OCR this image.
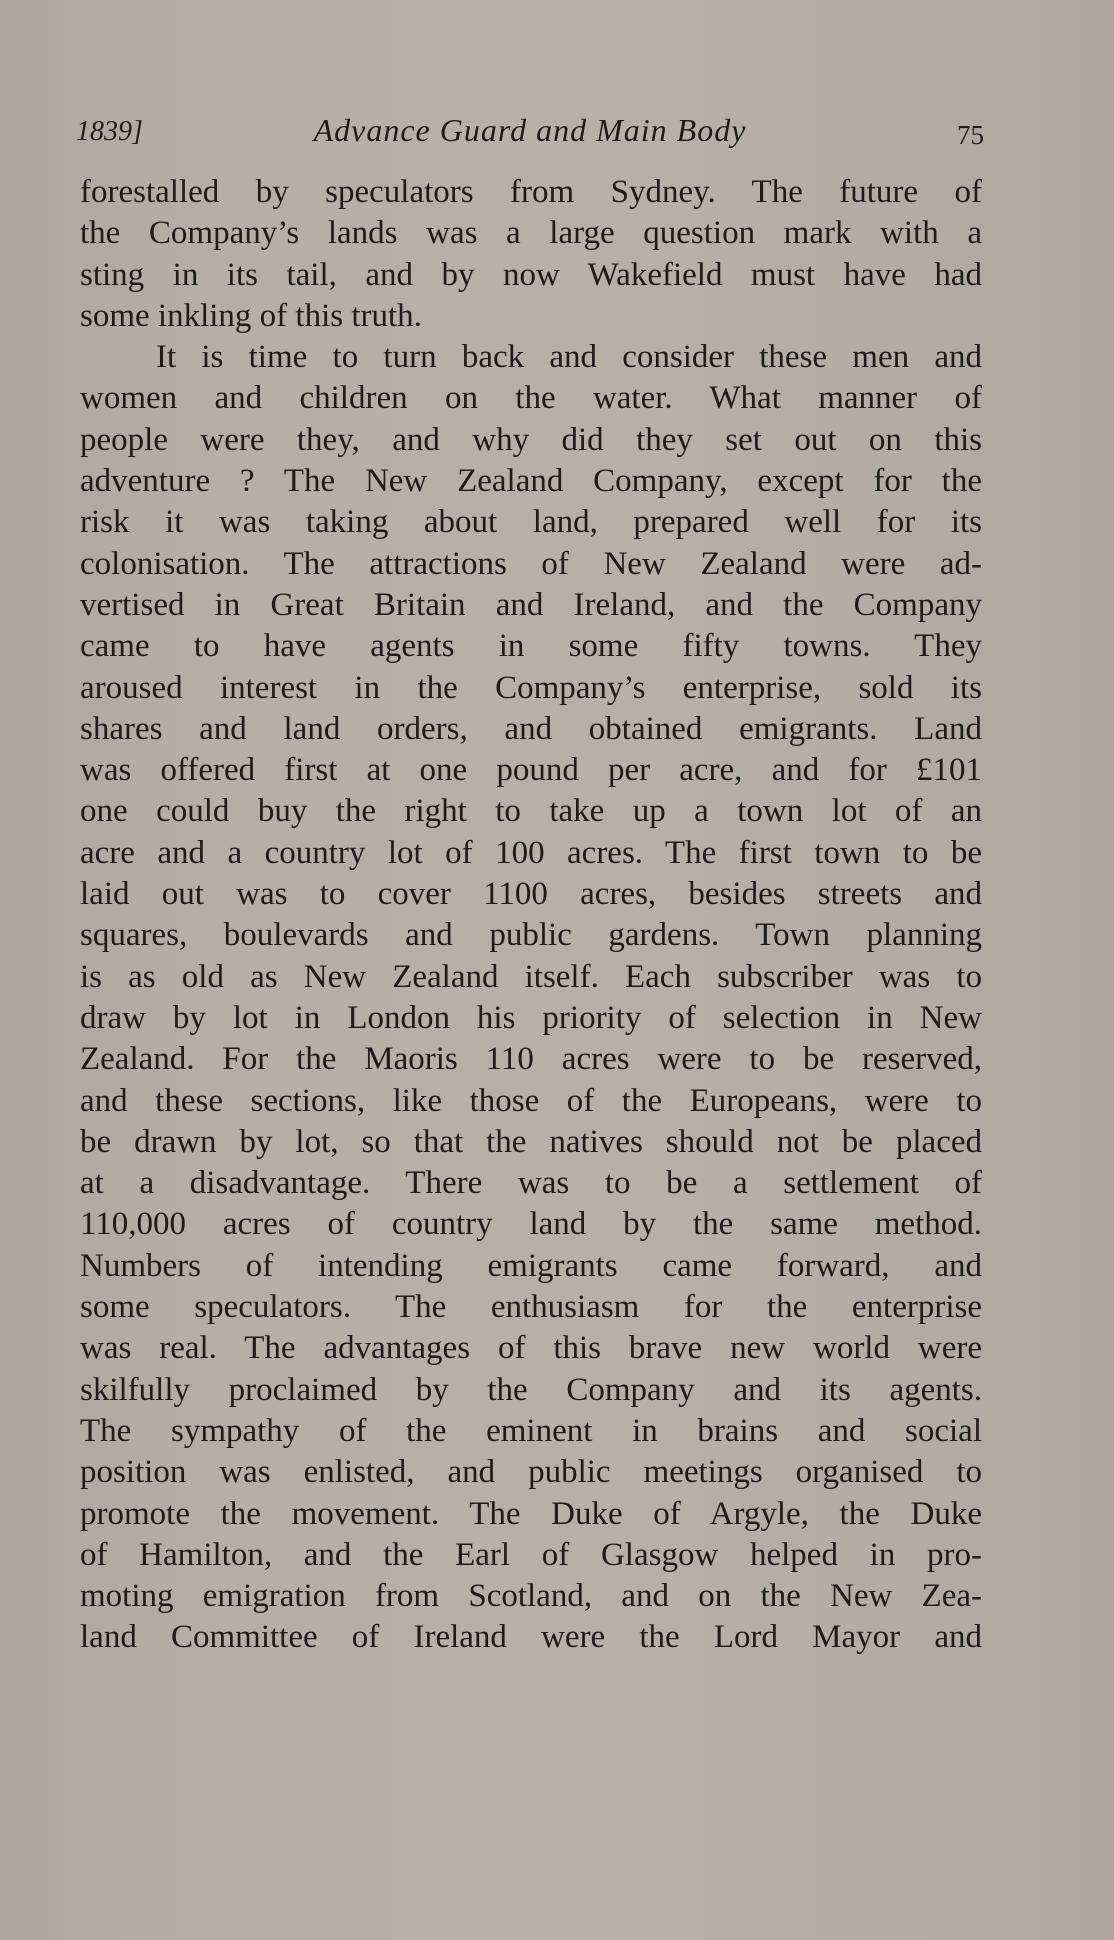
1839]	Advance Guard and Main Body	75
forestalled by speculators from Sydney. The future of
the Company’s lands was a large question mark with a
sting in its tail, and by now Wakefield must have had
some inkling of this truth.
It is time to turn back and consider these men and
women and children on the water. What manner of
people were they, and why did they set out on this
adventure ? The New Zealand Company, except for the
risk it was taking about land, prepared well for its
colonisation. The attractions of New Zealand were ad-
vertised in Great Britain and Ireland, and the Company
came to have agents in some fifty towns. They
aroused interest in the Company’s enterprise, sold its
shares and land orders, and obtained emigrants. Land
was offered first at one pound per acre, and for £101
one could buy the right to take up a town lot of an
acre and a country lot of 100 acres. The first town to be
laid out was to cover 1100 acres, besides streets and
squares, boulevards and public gardens. Town planning
is as old as New Zealand itself. Each subscriber was to
draw by lot in London his priority of selection in New
Zealand. For the Maoris 110 acres were to be reserved,
and these sections, like those of the Europeans, were to
be drawn by lot, so that the natives should not be placed
at a disadvantage. There was to be a settlement of
110,000 acres of country land by the same method.
Numbers of intending emigrants came forward, and
some speculators. The enthusiasm for the enterprise
was real. The advantages of this brave new world were
skilfully proclaimed by the Company and its agents.
The sympathy of the eminent in brains and social
position was enlisted, and public meetings organised to
promote the movement. The Duke of Argyle, the Duke
of Hamilton, and the Earl of Glasgow helped in pro-
moting emigration from Scotland, and on the New Zea-
land Committee of Ireland were the Lord Mayor and
